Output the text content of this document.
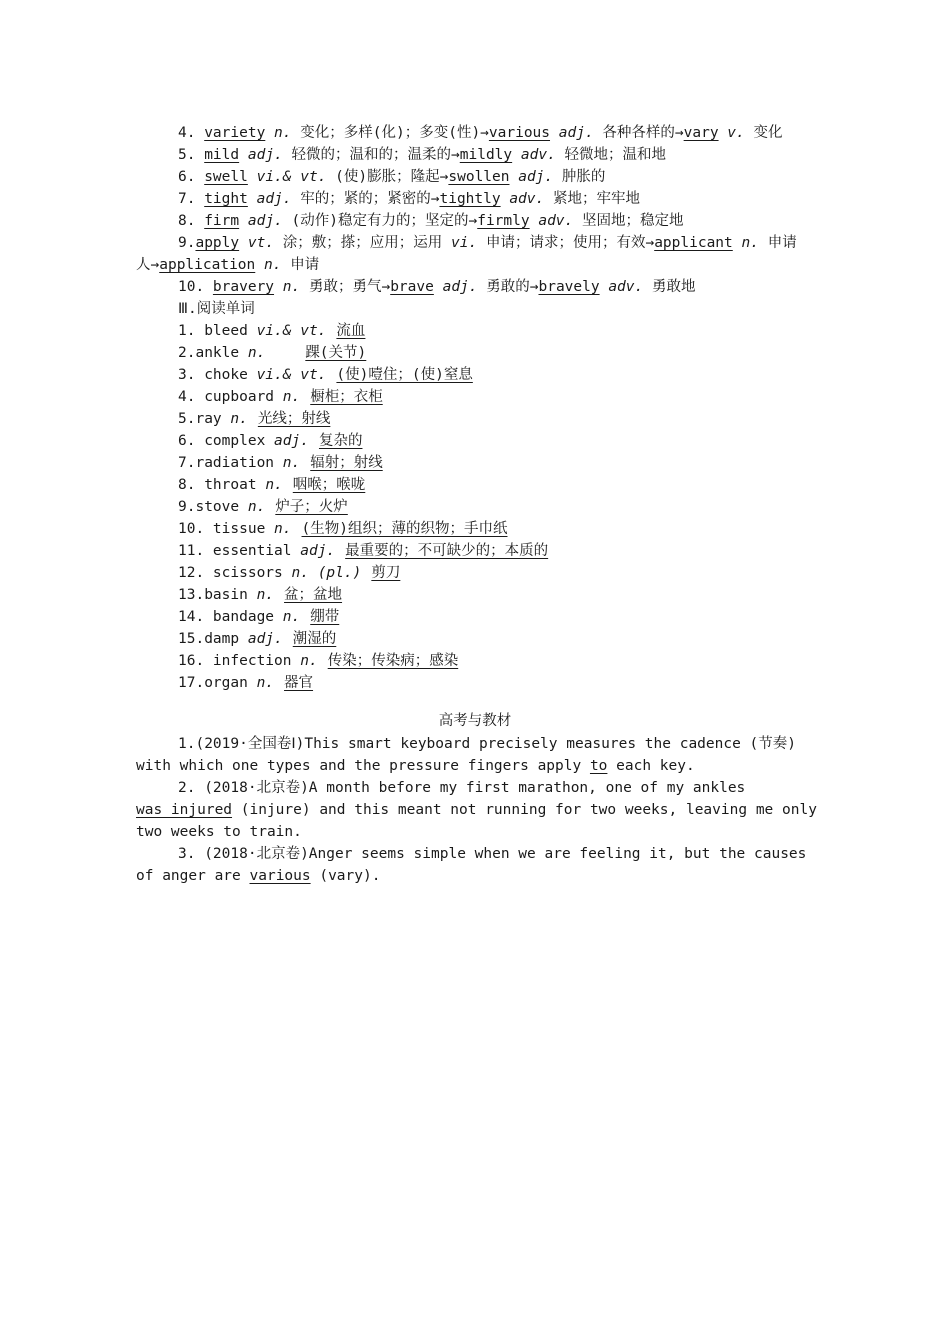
4. variety n. 变化；多样(化)；多变(性)→various adj. 各种各样的→vary v. 变化
5. mild adj. 轻微的；温和的；温柔的→mildly adv. 轻微地；温和地
6. swell vi.& vt. (使)膨胀；隆起→swollen adj. 肿胀的
7. tight adj. 牢的；紧的；紧密的→tightly adv. 紧地；牢牢地
8. firm adj. (动作)稳定有力的；坚定的→firmly adv. 坚固地；稳定地
9.apply vt. 涂；敷；搽；应用；运用 vi. 申请；请求；使用；有效→applicant n. 申请
人→application n. 申请
10. bravery n. 勇敢；勇气→brave adj. 勇敢的→bravely adv. 勇敢地
Ⅲ.阅读单词
1. bleed vi.& vt. 流血
2.ankle n.	踝(关节)
3. choke vi.& vt. (使)噎住；(使)窒息
4. cupboard n. 橱柜；衣柜
5.ray n. 光线；射线
6. complex adj. 复杂的
7.radiation n. 辐射；射线
8. throat n. 咽喉；喉咙
9.stove n. 炉子；火炉
10. tissue n. (生物)组织；薄的织物；手巾纸
11. essential adj. 最重要的；不可缺少的；本质的
12. scissors n. (pl.) 剪刀
13.basin n. 盆；盆地
14. bandage n. 绷带
15.damp adj. 潮湿的
16. infection n. 传染；传染病；感染
17.organ n. 器官
高考与教材
1.(2019·全国卷Ⅰ)This smart keyboard precisely measures the cadence (节奏)
with which one types and the pressure fingers apply to each key.
2. (2018·北京卷)A month before my first marathon, one of my ankles
was injured (injure) and this meant not running for two weeks, leaving me only
two weeks to train.
3. (2018·北京卷)Anger seems simple when we are feeling it, but the causes
of anger are various (vary).
